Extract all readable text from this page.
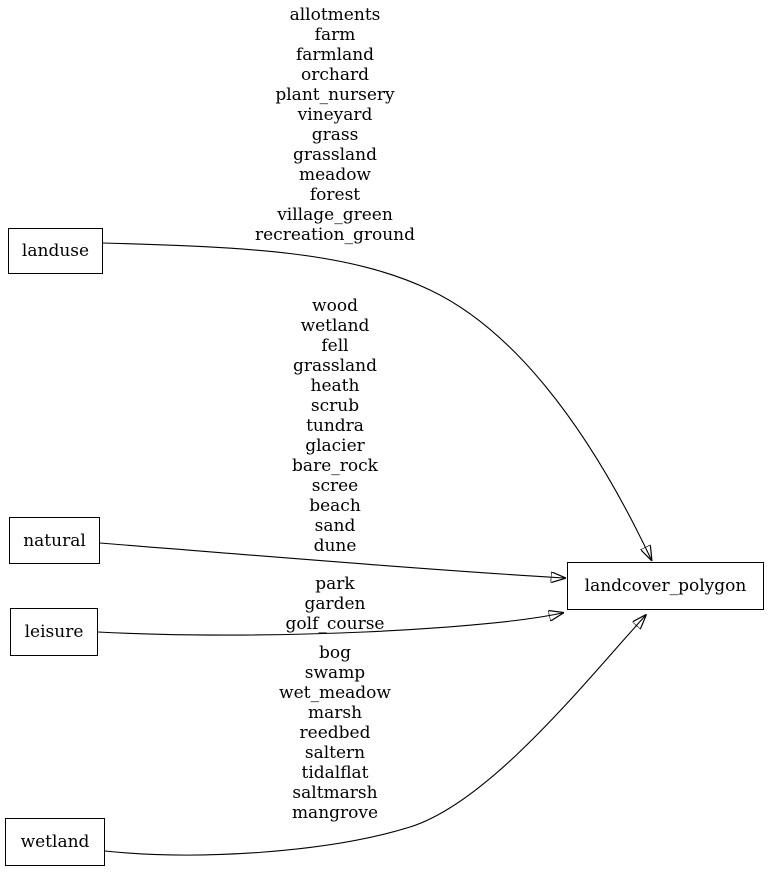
landuse
natural
leisure
wetland
landcover_polygon
allotments
farm
farmland
orchard
plant_nursery
vineyard
grass
grassland
meadow
forest
village_green
recreation_ground
wood
wetland
fell
grassland
heath
scrub
tundra
glacier
bare_rock
scree
beach
sand
dune
park
garden
golf_course
bog
swamp
wet_meadow
marsh
reedbed
saltern
tidalflat
saltmarsh
mangrove
